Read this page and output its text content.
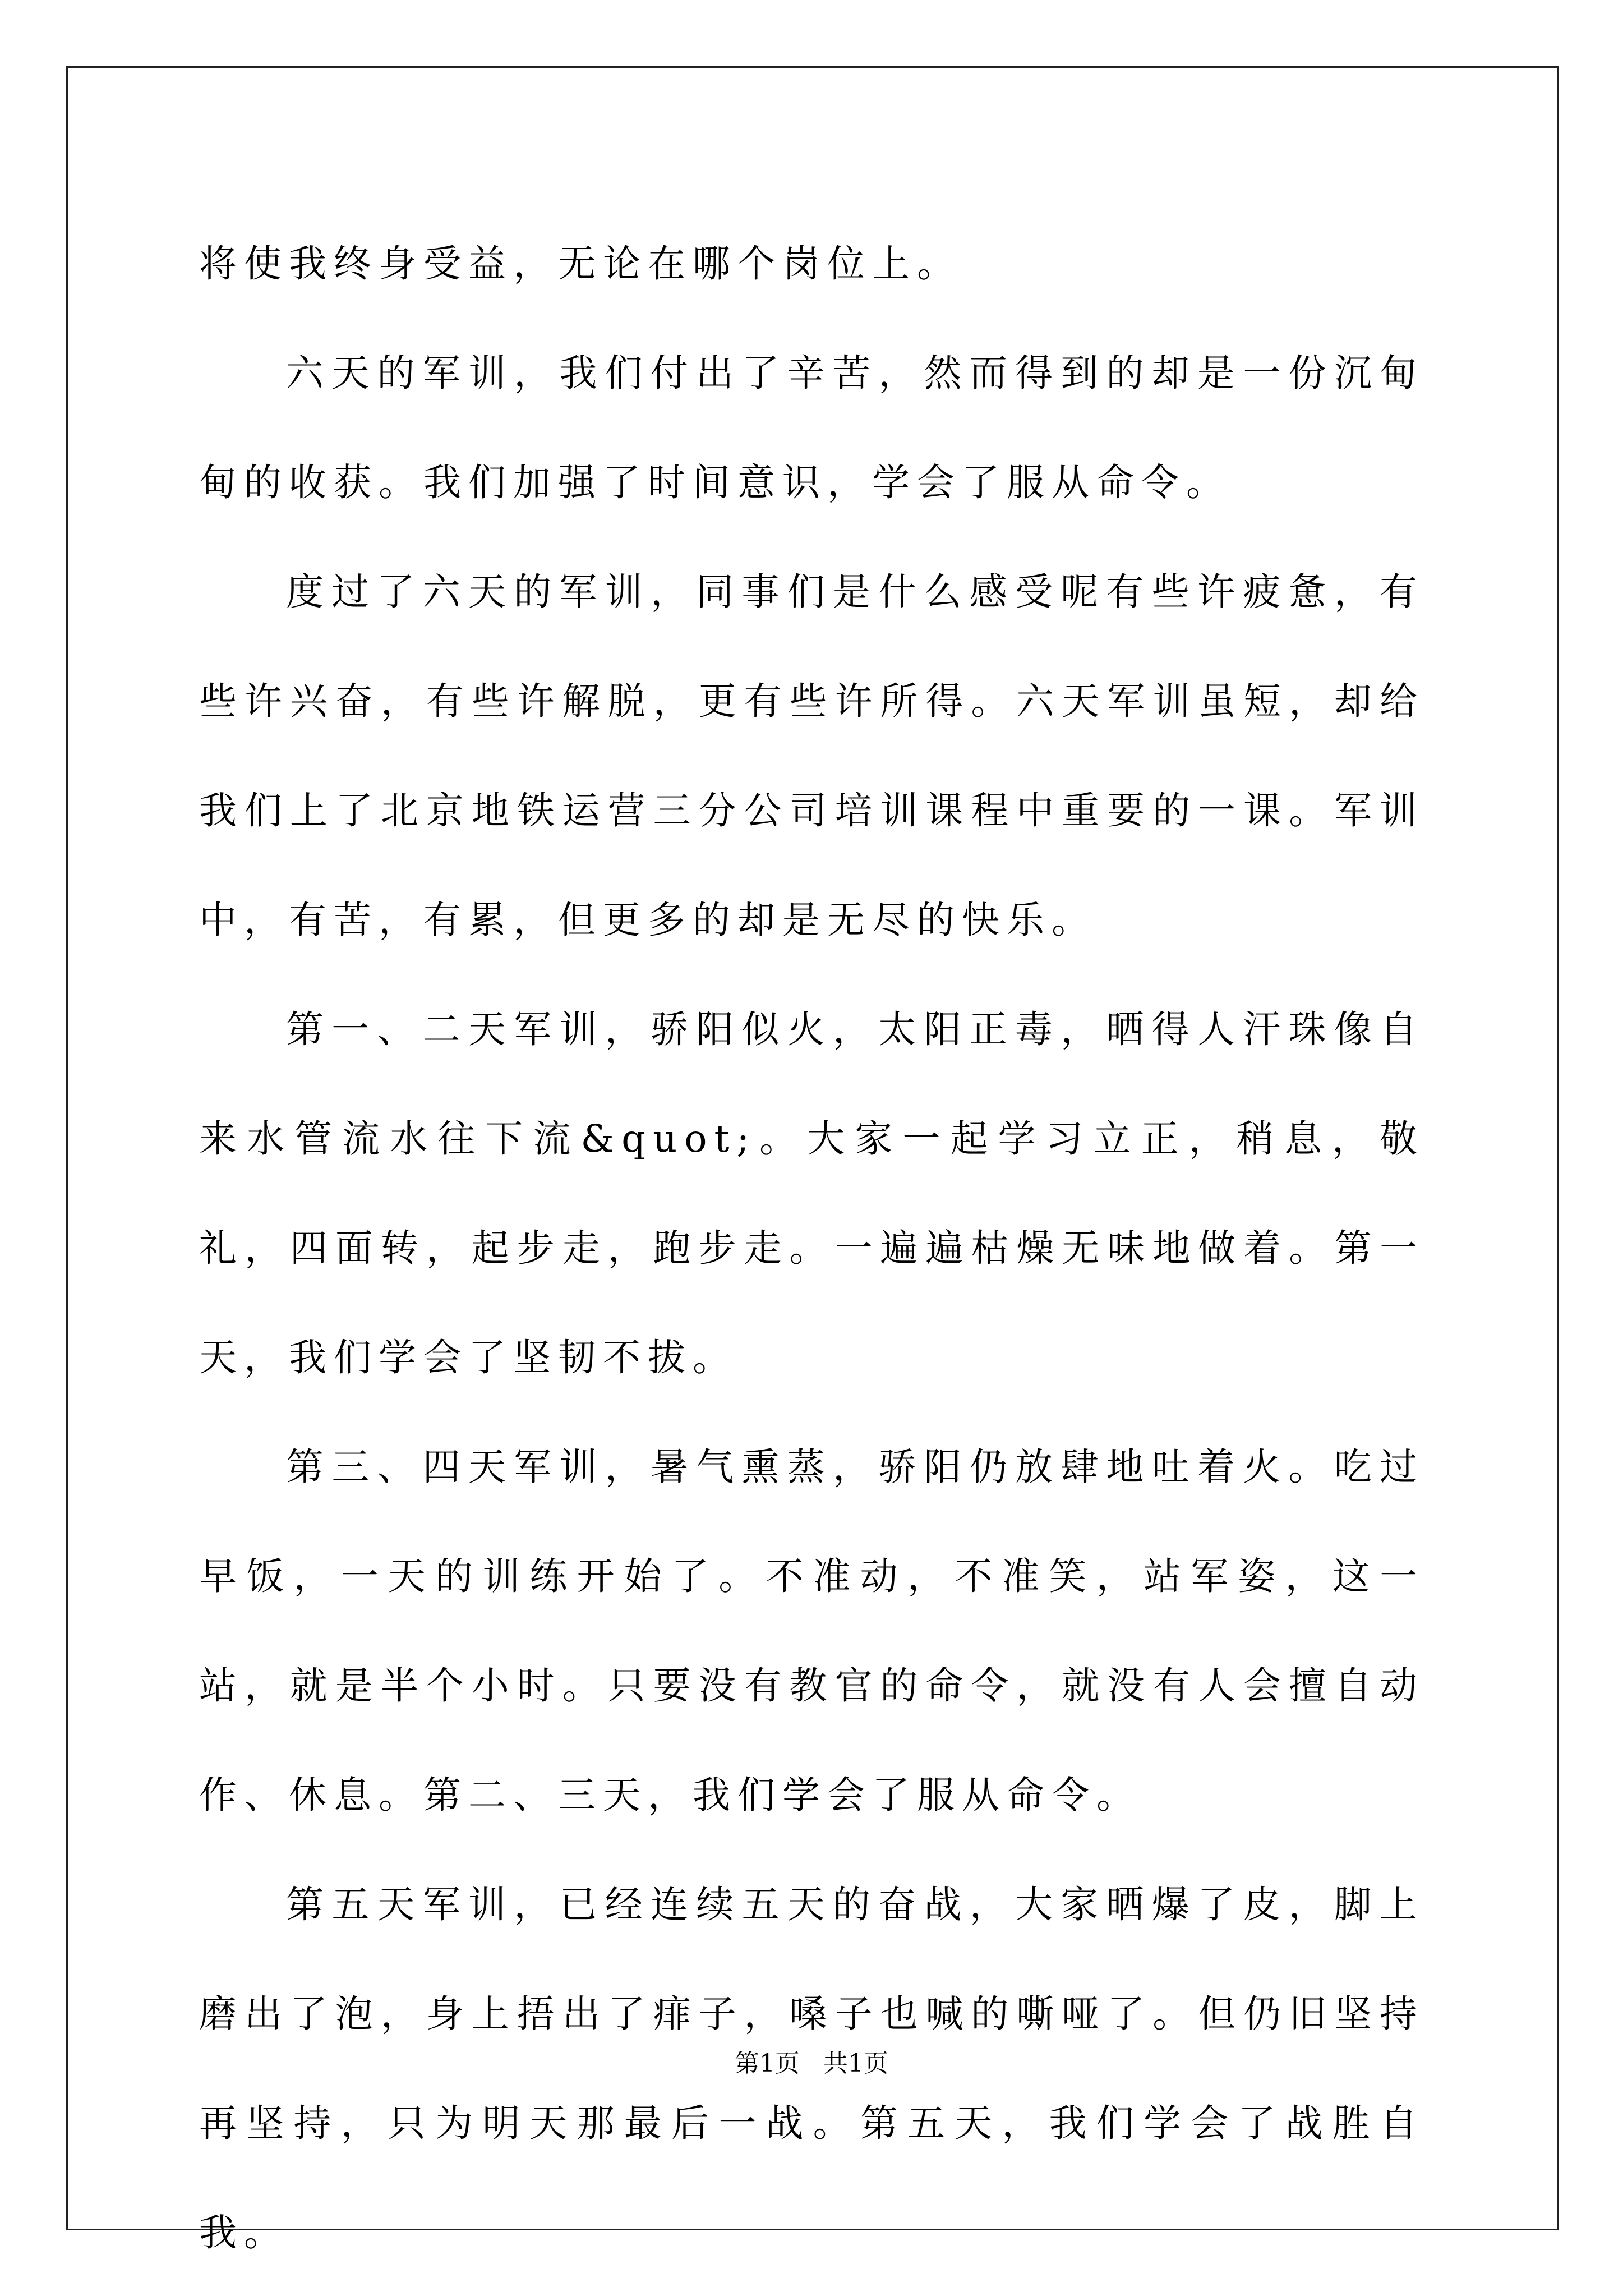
将使我终身受益，无论在哪个岗位上。

六天的军训，我们付出了辛苦，然而得到的却是一份沉甸甸的收获。我们加强了时间意识，学会了服从命令。

度过了六天的军训，同事们是什么感受呢有些许疲惫，有些许兴奋，有些许解脱，更有些许所得。六天军训虽短，却给我们上了北京地铁运营三分公司培训课程中重要的一课。军训中，有苦，有累，但更多的却是无尽的快乐。

第一、二天军训，骄阳似火，太阳正毒，晒得人汗珠像自来水管流水往下流&quot;。大家一起学习立正，稍息，敬礼，四面转，起步走，跑步走。一遍遍枯燥无味地做着。第一天，我们学会了坚韧不拔。

第三、四天军训，暑气熏蒸，骄阳仍放肆地吐着火。吃过早饭，一天的训练开始了。不准动，不准笑，站军姿，这一站，就是半个小时。只要没有教官的命令，就没有人会擅自动作、休息。第二、三天，我们学会了服从命令。

第五天军训，已经连续五天的奋战，大家晒爆了皮，脚上磨出了泡，身上捂出了痱子，嗓子也喊的嘶哑了。但仍旧坚持再坚持，只为明天那最后一战。第五天，我们学会了战胜自我。

第1页   共1页
